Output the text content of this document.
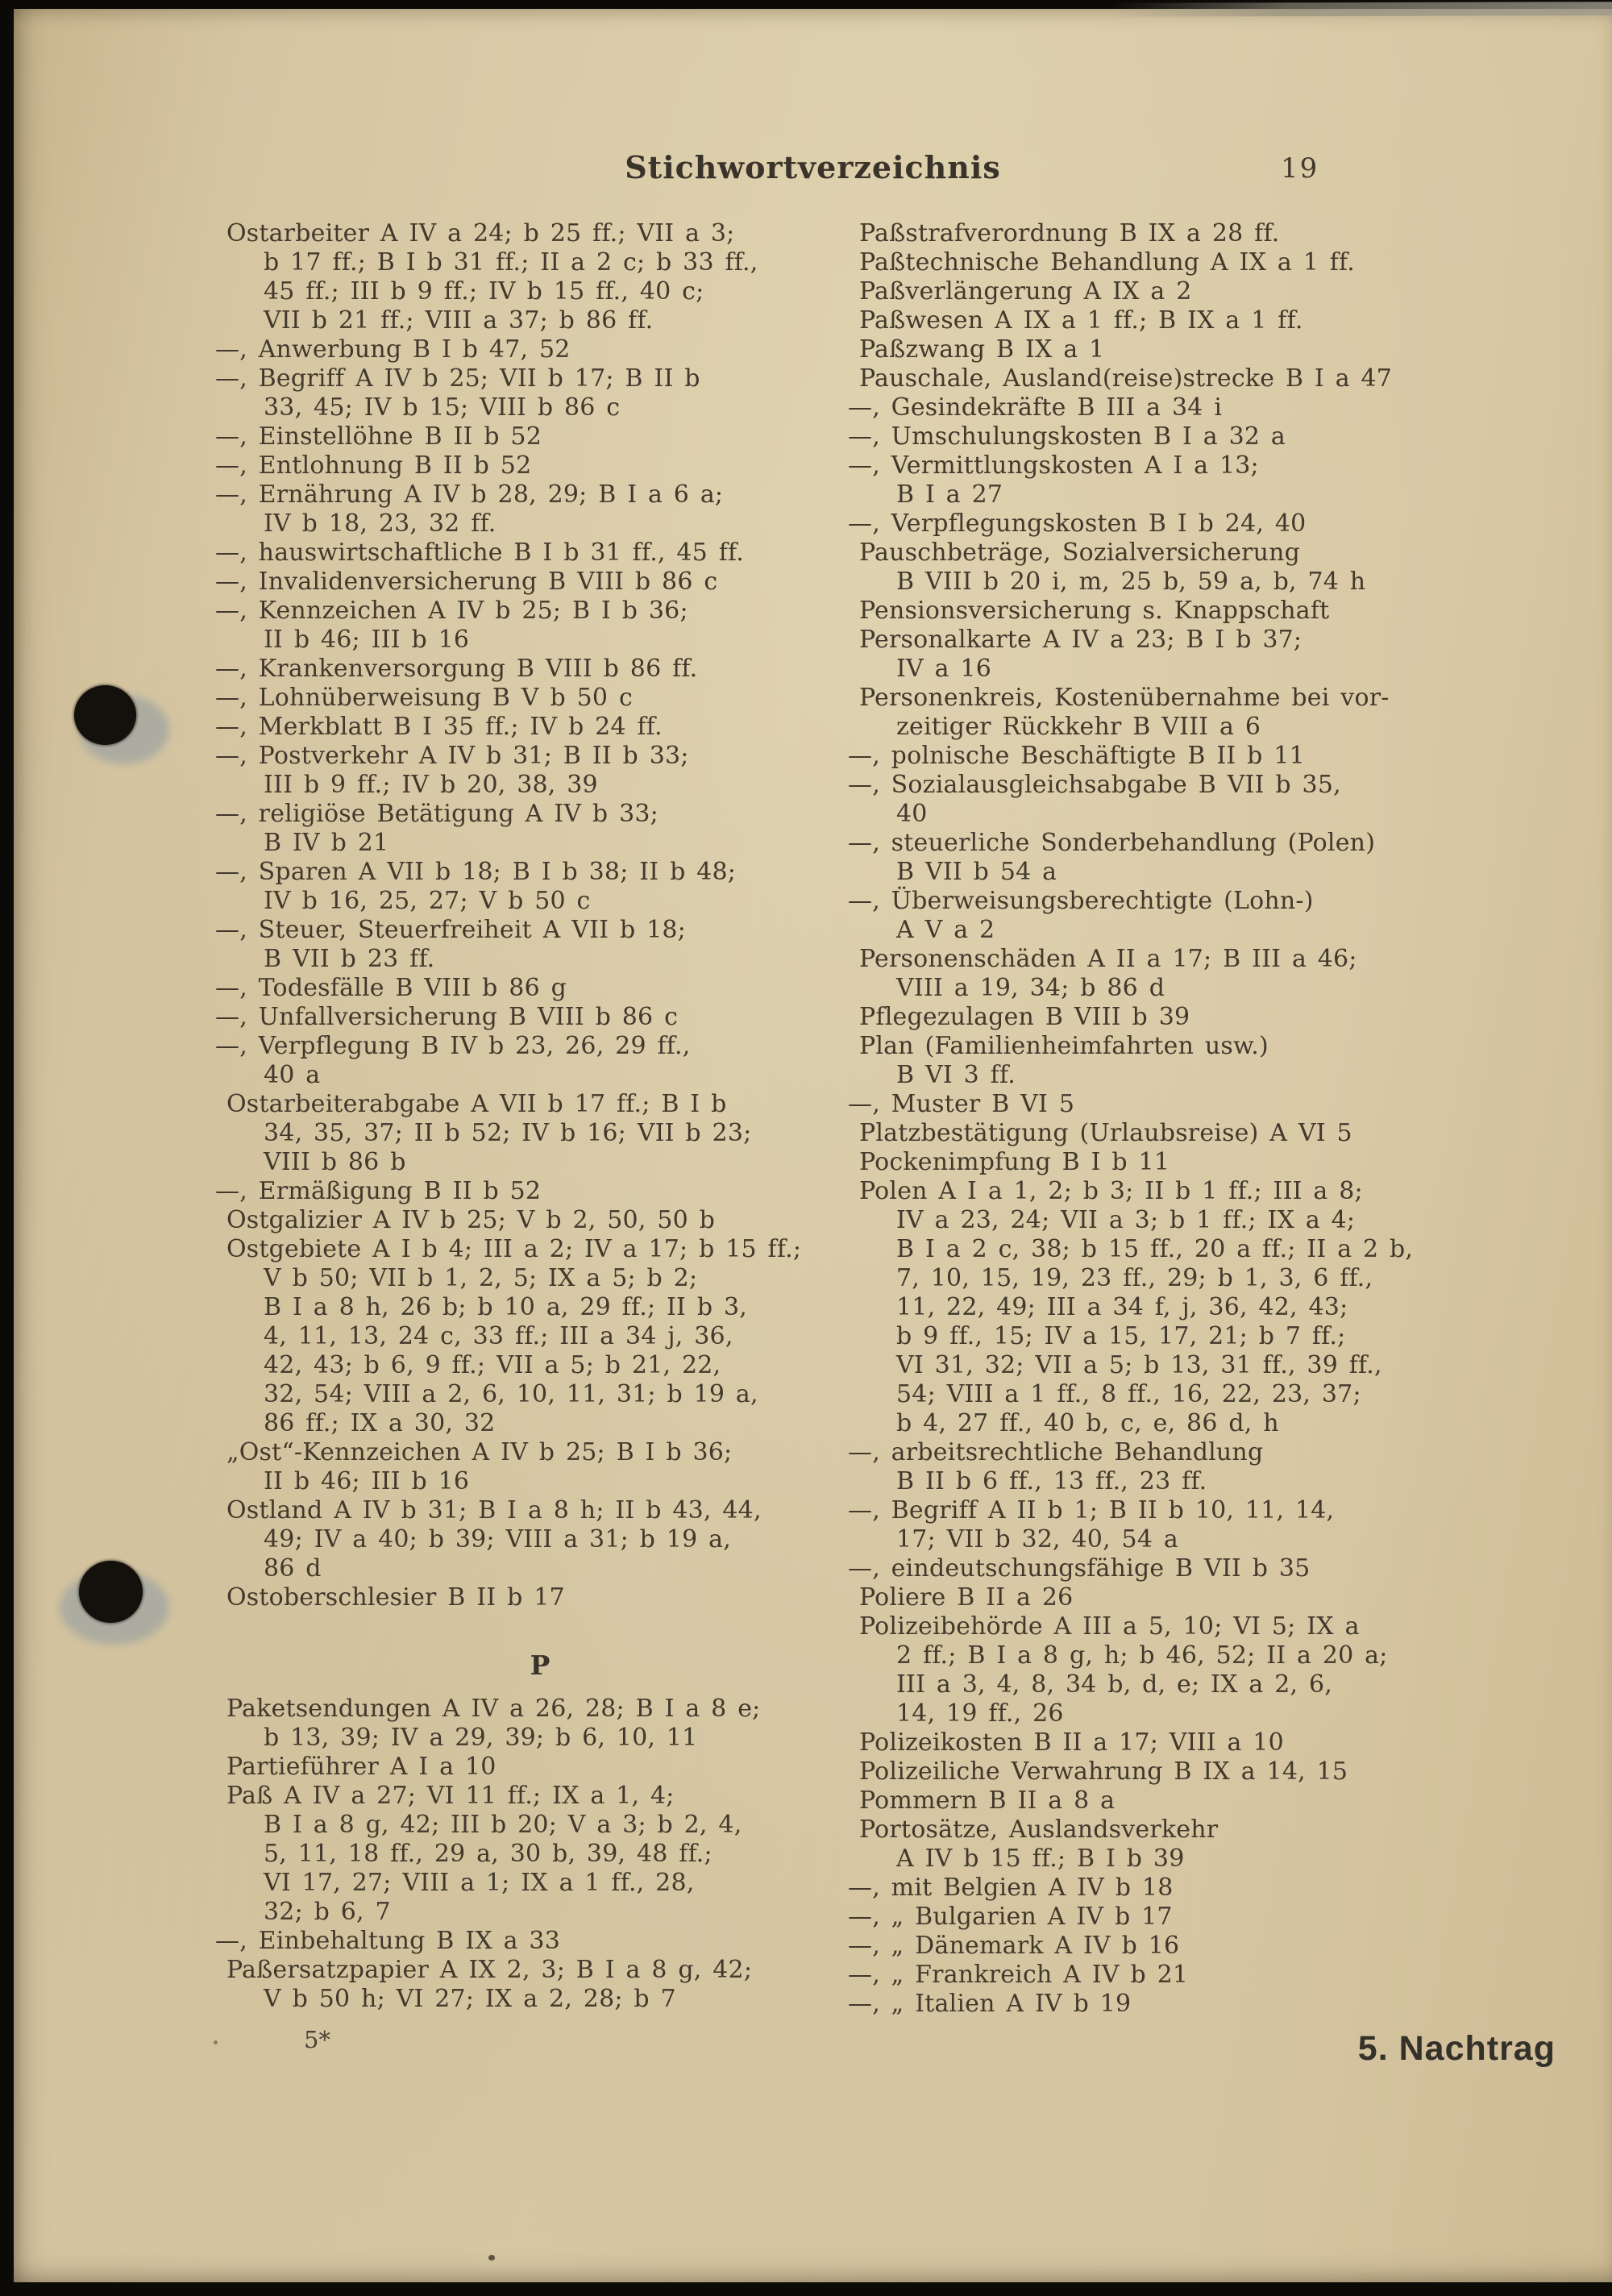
Stichwortverzeichnis	19
Ostarbeiter A IV a 24; b 25 ff.; VII a 3;
b 17 ff.; B I b 31 ff.; II a 2 c; b 33 ff.,
45 ff.; III b 9 ff.; IV b 15 ff., 40 c;
VII b 21 ff.; VIII a 37; b 86 ff.
—, Anwerbung B I b 47, 52
—, Begriff A IV b 25; VII b 17; B II b
33, 45; IV b 15; VIII b 86 c
—, Einstellöhne B II b 52
—, Entlohnung B II b 52
—, Ernährung A IV b 28, 29; B I a 6 a;
IV b 18, 23, 32 ff.
—, hauswirtschaftliche B I b 31 ff., 45 ff.
—, Invalidenversicherung B VIII b 86 c
—, Kennzeichen A IV b 25; B I b 36;
II b 46; III b 16
—, Krankenversorgung B VIII b 86 ff.
—, Lohnüberweisung B V b 50 c
—, Merkblatt B I 35 ff.; IV b 24 ff.
—, Postverkehr A IV b 31; B II b 33;
III b 9 ff.; IV b 20, 38, 39
—, religiöse Betätigung A IV b 33;
B IV b 21
—, Sparen A VII b 18; B I b 38; II b 48;
IV b 16, 25, 27; V b 50 c
—, Steuer, Steuerfreiheit A VII b 18;
B VII b 23 ff.
—, Todesfälle B VIII b 86 g
—, Unfallversicherung B VIII b 86 c
—, Verpflegung B IV b 23, 26, 29 ff.,
40 a
Ostarbeiterabgabe A VII b 17 ff.; B I b
34, 35, 37; II b 52; IV b 16; VII b 23;
VIII b 86 b
—, Ermäßigung B II b 52
Ostgalizier A IV b 25; V b 2, 50, 50 b
Ostgebiete A I b 4; III a 2; IV a 17; b 15 ff.;
V b 50; VII b 1, 2, 5; IX a 5; b 2;
B I a 8 h, 26 b; b 10 a, 29 ff.; II b 3,
4, 11, 13, 24 c, 33 ff.; III a 34 j, 36,
42, 43; b 6, 9 ff.; VII a 5; b 21, 22,
32, 54; VIII a 2, 6, 10, 11, 31; b 19 a,
86 ff.; IX a 30, 32
„Ost“-Kennzeichen A IV b 25; B I b 36;
II b 46; III b 16
Ostland A IV b 31; B I a 8 h; II b 43, 44,
49; IV a 40; b 39; VIII a 31; b 19 a,
86 d
Ostoberschlesier B II b 17
P
Paketsendungen A IV a 26, 28; B I a 8 e;
b 13, 39; IV a 29, 39; b 6, 10, 11
Partieführer A I a 10
Paß A IV a 27; VI 11 ff.; IX a 1, 4;
B I a 8 g, 42; III b 20; V a 3; b 2, 4,
5, 11, 18 ff., 29 a, 30 b, 39, 48 ff.;
VI 17, 27; VIII a 1; IX a 1 ff., 28,
32; b 6, 7
—, Einbehaltung B IX a 33
Paßersatzpapier A IX 2, 3; B I a 8 g, 42;
V b 50 h; VI 27; IX a 2, 28; b 7
Paßstrafverordnung B IX a 28 ff.
Paßtechnische Behandlung A IX a 1 ff.
Paßverlängerung A IX a 2
Paßwesen A IX a 1 ff.; B IX a 1 ff.
Paßzwang B IX a 1
Pauschale, Ausland(reise)strecke B I a 47
—, Gesindekräfte B III a 34 i
—, Umschulungskosten B I a 32 a
—, Vermittlungskosten A I a 13;
B I a 27
—, Verpflegungskosten B I b 24, 40
Pauschbeträge, Sozialversicherung
B VIII b 20 i, m, 25 b, 59 a, b, 74 h
Pensionsversicherung s. Knappschaft
Personalkarte A IV a 23; B I b 37;
IV a 16
Personenkreis, Kostenübernahme bei vor-
zeitiger Rückkehr B VIII a 6
—, polnische Beschäftigte B II b 11
—, Sozialausgleichsabgabe B VII b 35,
40
—, steuerliche Sonderbehandlung (Polen)
B VII b 54 a
—, Überweisungsberechtigte (Lohn-)
A V a 2
Personenschäden A II a 17; B III a 46;
VIII a 19, 34; b 86 d
Pflegezulagen B VIII b 39
Plan (Familienheimfahrten usw.)
B VI 3 ff.
—, Muster B VI 5
Platzbestätigung (Urlaubsreise) A VI 5
Pockenimpfung B I b 11
Polen A I a 1, 2; b 3; II b 1 ff.; III a 8;
IV a 23, 24; VII a 3; b 1 ff.; IX a 4;
B I a 2 c, 38; b 15 ff., 20 a ff.; II a 2 b,
7, 10, 15, 19, 23 ff., 29; b 1, 3, 6 ff.,
11, 22, 49; III a 34 f, j, 36, 42, 43;
b 9 ff., 15; IV a 15, 17, 21; b 7 ff.;
VI 31, 32; VII a 5; b 13, 31 ff., 39 ff.,
54; VIII a 1 ff., 8 ff., 16, 22, 23, 37;
b 4, 27 ff., 40 b, c, e, 86 d, h
—, arbeitsrechtliche Behandlung
B II b 6 ff., 13 ff., 23 ff.
—, Begriff A II b 1; B II b 10, 11, 14,
17; VII b 32, 40, 54 a
—, eindeutschungsfähige B VII b 35
Poliere B II a 26
Polizeibehörde A III a 5, 10; VI 5; IX a
2 ff.; B I a 8 g, h; b 46, 52; II a 20 a;
III a 3, 4, 8, 34 b, d, e; IX a 2, 6,
14, 19 ff., 26
Polizeikosten B II a 17; VIII a 10
Polizeiliche Verwahrung B IX a 14, 15
Pommern B II a 8 a
Portosätze, Auslandsverkehr
A IV b 15 ff.; B I b 39
—, mit Belgien A IV b 18
—, „ Bulgarien A IV b 17
—, „ Dänemark A IV b 16
—, „ Frankreich A IV b 21
—, „ Italien A IV b 19
5*	5. Nachtrag
